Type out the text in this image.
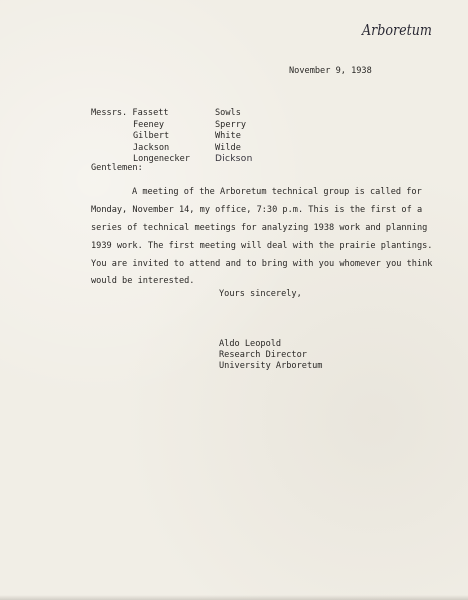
Arboretum
November 9, 1938
Messrs. Fassett
Feeney
Gilbert
Jackson
Longenecker
Sowls
Sperry
White
Wilde
Dickson
Gentlemen:
A meeting of the Arboretum technical group is called for
Monday, November 14, my office, 7:30 p.m. This is the first of a
series of technical meetings for analyzing 1938 work and planning
1939 work. The first meeting will deal with the prairie plantings.
You are invited to attend and to bring with you whomever you think
would be interested.
Yours sincerely,
Aldo Leopold
Research Director
University Arboretum
